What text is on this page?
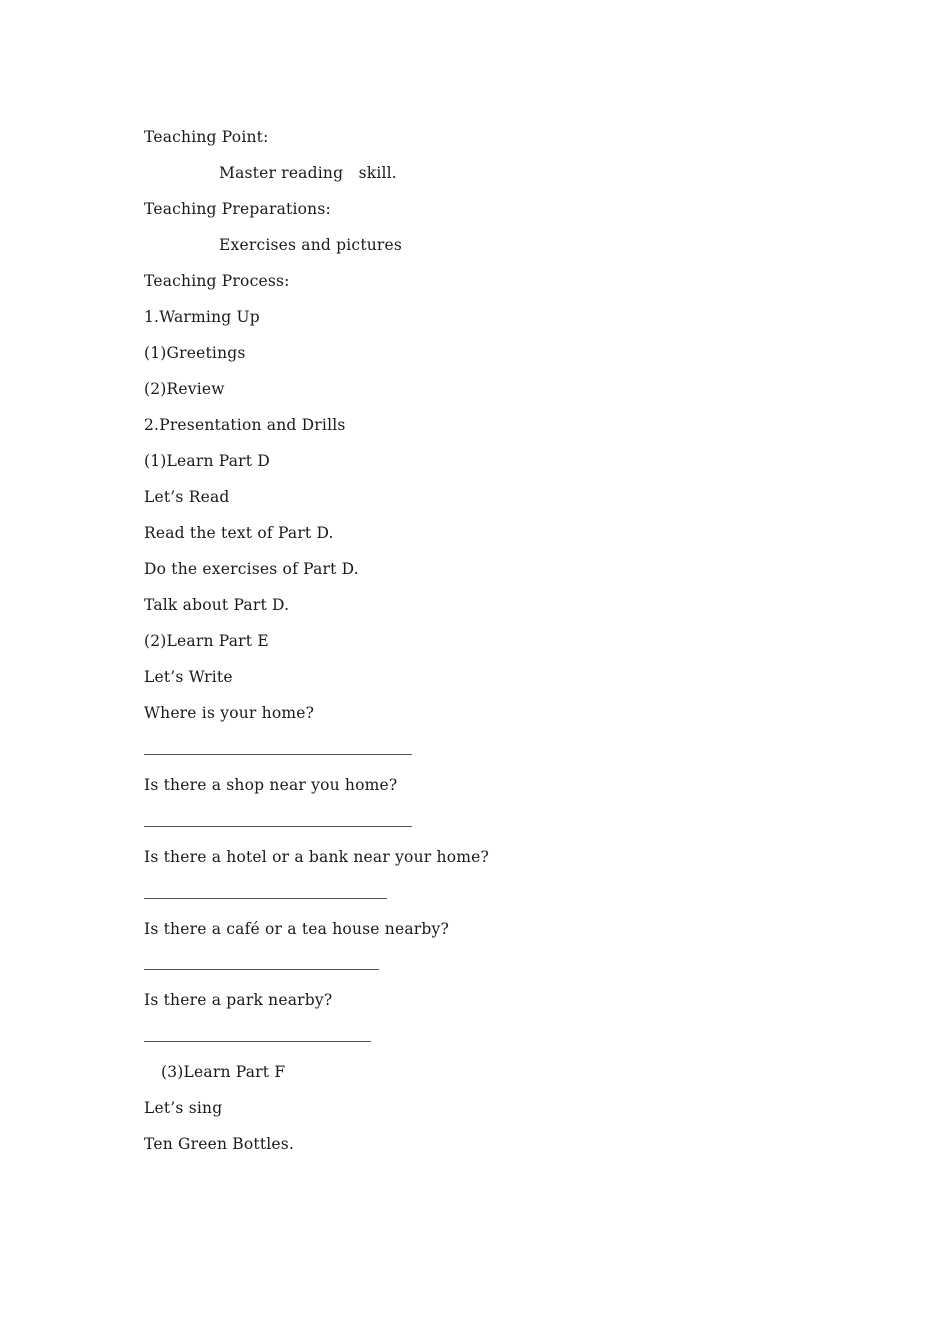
Teaching Point:
Master reading   skill.
Teaching Preparations:
Exercises and pictures
Teaching Process:
1.Warming Up
(1)Greetings
(2)Review
2.Presentation and Drills
(1)Learn Part D
Let’s Read
Read the text of Part D.
Do the exercises of Part D.
Talk about Part D.
(2)Learn Part E
Let’s Write
Where is your home?
Is there a shop near you home?
Is there a hotel or a bank near your home?
Is there a café or a tea house nearby?
Is there a park nearby?
(3)Learn Part F
Let’s sing
Ten Green Bottles.
